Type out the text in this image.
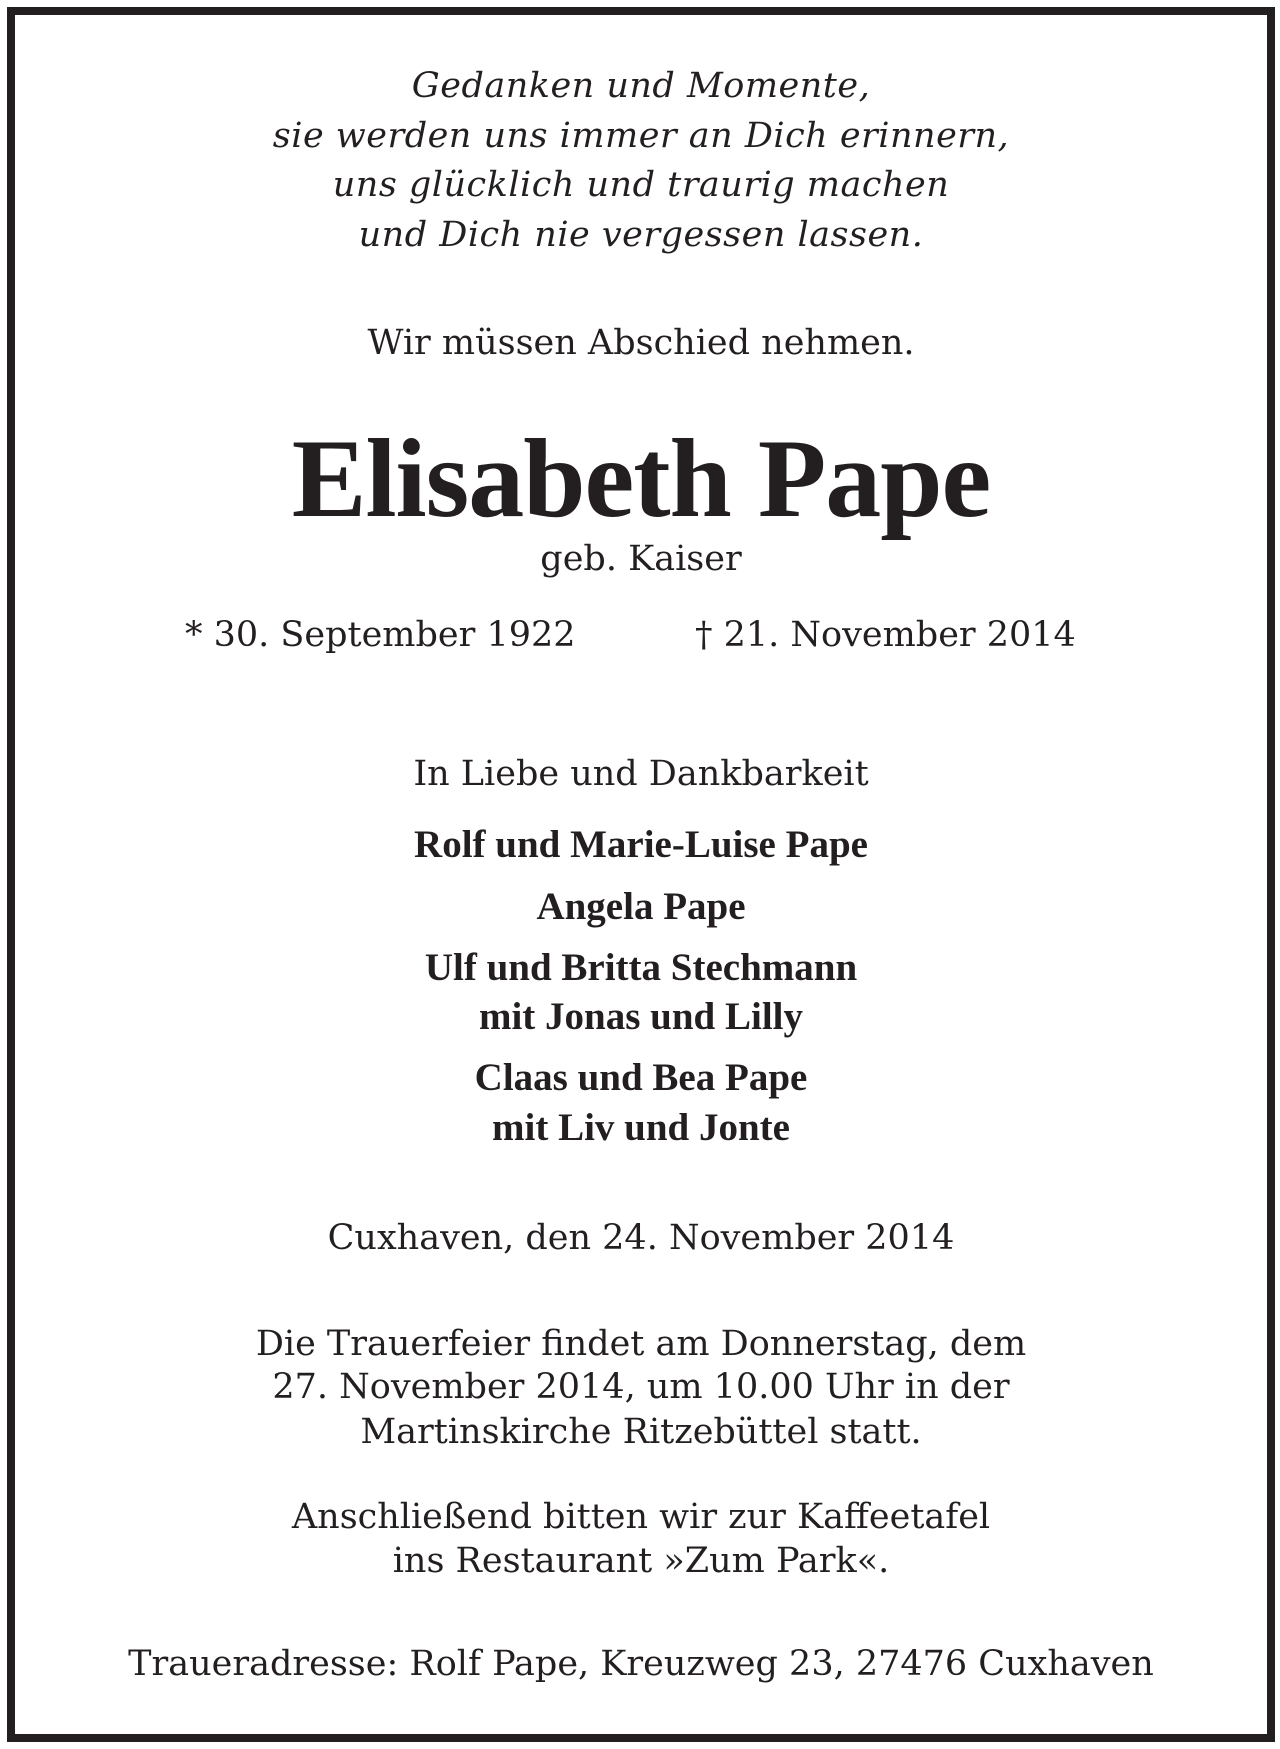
Gedanken und Momente,
sie werden uns immer an Dich erinnern,
uns glücklich und traurig machen
und Dich nie vergessen lassen.
Wir müssen Abschied nehmen.
Elisabeth Pape
geb. Kaiser
* 30. September 1922	† 21. November 2014
In Liebe und Dankbarkeit
Rolf und Marie-Luise Pape
Angela Pape
Ulf und Britta Stechmann
mit Jonas und Lilly
Claas und Bea Pape
mit Liv und Jonte
Cuxhaven, den 24. November 2014
Die Trauerfeier findet am Donnerstag, dem
27. November 2014, um 10.00 Uhr in der
Martinskirche Ritzebüttel statt.
Anschließend bitten wir zur Kaffeetafel
ins Restaurant »Zum Park«.
Traueradresse: Rolf Pape, Kreuzweg 23, 27476 Cuxhaven
